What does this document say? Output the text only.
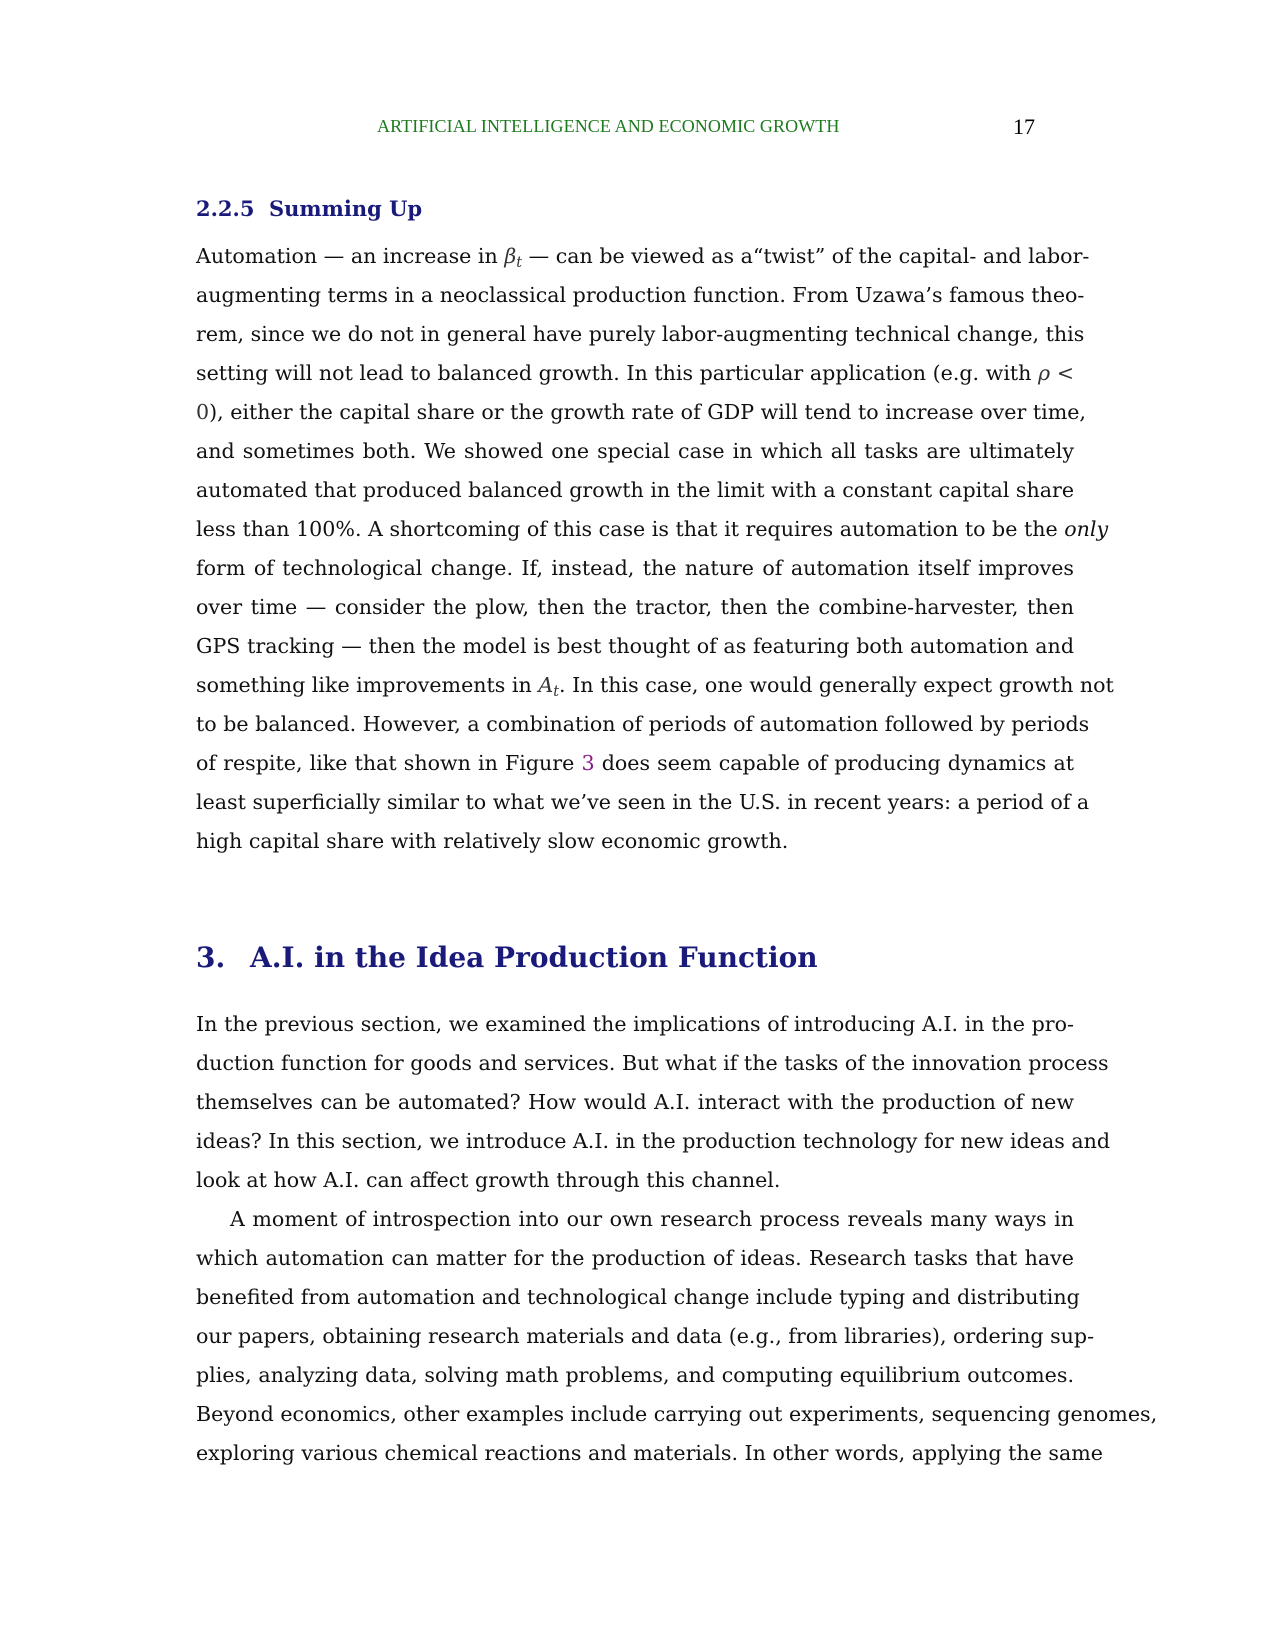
ARTIFICIAL INTELLIGENCE AND ECONOMIC GROWTH	17
2.2.5 Summing Up
Automation — an increase in $\beta_t$ — can be viewed as a“twist” of the capital- and labor-
augmenting terms in a neoclassical production function. From Uzawa’s famous theo-
rem, since we do not in general have purely labor-augmenting technical change, this
setting will not lead to balanced growth. In this particular application (e.g. with ρ <
0), either the capital share or the growth rate of GDP will tend to increase over time,
and sometimes both. We showed one special case in which all tasks are ultimately
automated that produced balanced growth in the limit with a constant capital share
less than 100%. A shortcoming of this case is that it requires automation to be the only
form of technological change. If, instead, the nature of automation itself improves
over time — consider the plow, then the tractor, then the combine-harvester, then
GPS tracking — then the model is best thought of as featuring both automation and
something like improvements in $A_t$. In this case, one would generally expect growth not
to be balanced. However, a combination of periods of automation followed by periods
of respite, like that shown in Figure 3 does seem capable of producing dynamics at
least superficially similar to what we’ve seen in the U.S. in recent years: a period of a
high capital share with relatively slow economic growth.
3. A.I. in the Idea Production Function
In the previous section, we examined the implications of introducing A.I. in the pro-
duction function for goods and services. But what if the tasks of the innovation process
themselves can be automated? How would A.I. interact with the production of new
ideas? In this section, we introduce A.I. in the production technology for new ideas and
look at how A.I. can affect growth through this channel.
A moment of introspection into our own research process reveals many ways in
which automation can matter for the production of ideas. Research tasks that have
benefited from automation and technological change include typing and distributing
our papers, obtaining research materials and data (e.g., from libraries), ordering sup-
plies, analyzing data, solving math problems, and computing equilibrium outcomes.
Beyond economics, other examples include carrying out experiments, sequencing genomes,
exploring various chemical reactions and materials. In other words, applying the same
